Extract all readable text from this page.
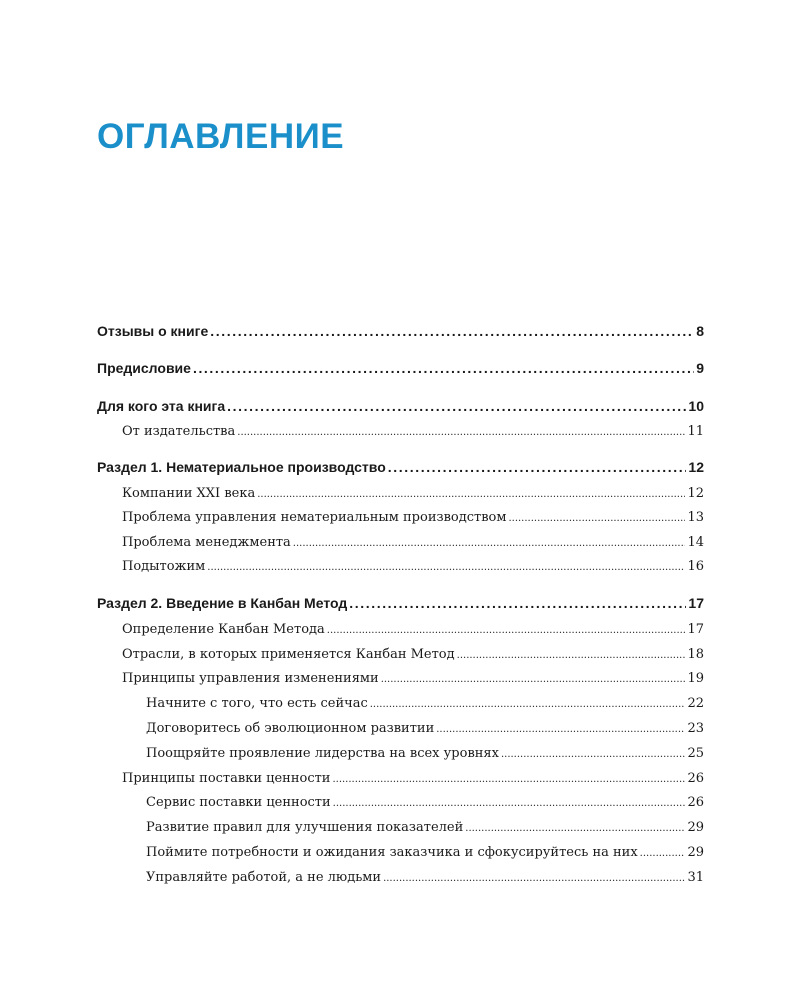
ОГЛАВЛЕНИЕ
Отзывы о книге .....	8
Предисловие .....	9
Для кого эта книга .....	10
От издательства .....	11
Раздел 1. Нематериальное производство .....	12
Компании XXI века .....	12
Проблема управления нематериальным производством .....	13
Проблема менеджмента .....	14
Подытожим .....	16
Раздел 2. Введение в Канбан Метод .....	17
Определение Канбан Метода .....	17
Отрасли, в которых применяется Канбан Метод .....	18
Принципы управления изменениями .....	19
Начните с того, что есть сейчас .....	22
Договоритесь об эволюционном развитии .....	23
Поощряйте проявление лидерства на всех уровнях .....	25
Принципы поставки ценности .....	26
Сервис поставки ценности .....	26
Развитие правил для улучшения показателей .....	29
Поймите потребности и ожидания заказчика и сфокусируйтесь на них .....	29
Управляйте работой, а не людьми .....	31
